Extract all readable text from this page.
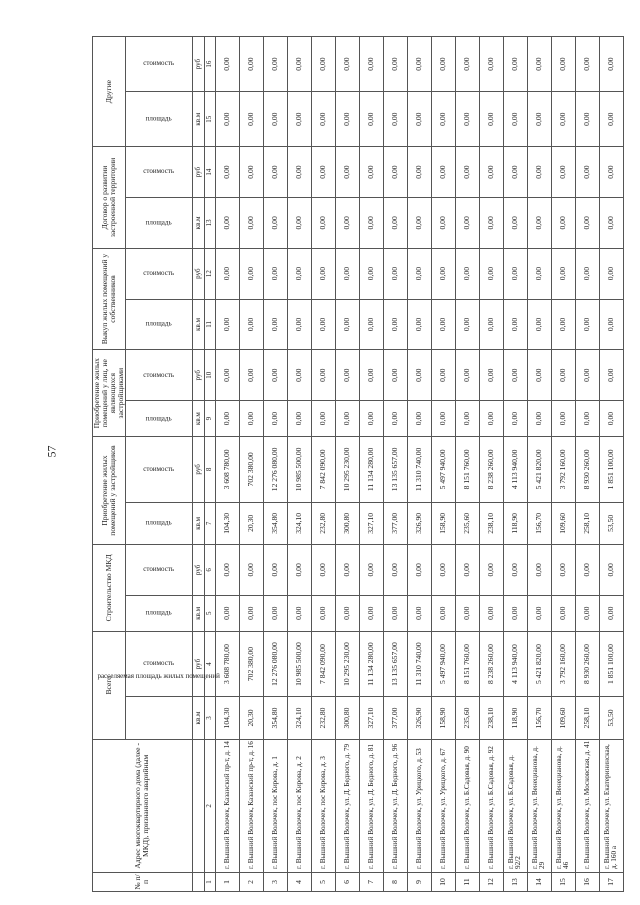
57
№ п/п	Адрес многоквартирного дома (далее - МКД), признанного аварийным	Всего		Строительство МКД		Приобретение жилых помещений у застройщиков		Приобретение жилых помещений у лиц, не являющихся застройщиками		Выкуп жилых помещений у собственников		Договор о развитии застроенной территории		Другие	
		расселяемая площадь жилых помещений	стоимость	площадь	стоимость	площадь	стоимость	площадь	стоимость	площадь	стоимость	площадь	стоимость	площадь	стоимость
		кв.м	руб	кв.м	руб	кв.м	руб	кв.м	руб	кв.м	руб	кв.м	руб	кв.м	руб
1	2	3	4	5	6	7	8	9	10	11	12	13	14	15	16
1	г. Вышний Волочек, Казанский пр-т, д. 14	104,30	3 608 780,00	0,00	0,00	104,30	3 608 780,00	0,00	0,00	0,00	0,00	0,00	0,00	0,00	0,00
2	г. Вышний Волочек, Казанский пр-т, д. 16	20,30	702 380,00	0,00	0,00	20,30	702 380,00	0,00	0,00	0,00	0,00	0,00	0,00	0,00	0,00
3	г. Вышний Волочек, пос Кирова, д. 1	354,80	12 276 080,00	0,00	0,00	354,80	12 276 080,00	0,00	0,00	0,00	0,00	0,00	0,00	0,00	0,00
4	г. Вышний Волочек, пос Кирова, д. 2	324,10	10 985 500,00	0,00	0,00	324,10	10 985 500,00	0,00	0,00	0,00	0,00	0,00	0,00	0,00	0,00
5	г. Вышний Волочек, пос Кирова, д. 3	232,80	7 842 090,00	0,00	0,00	232,80	7 842 090,00	0,00	0,00	0,00	0,00	0,00	0,00	0,00	0,00
6	г. Вышний Волочек, ул. Д. Бедного, д. 79	300,80	10 295 230,00	0,00	0,00	300,80	10 295 230,00	0,00	0,00	0,00	0,00	0,00	0,00	0,00	0,00
7	г. Вышний Волочек, ул. Д. Бедного, д. 81	327,10	11 134 280,00	0,00	0,00	327,10	11 134 280,00	0,00	0,00	0,00	0,00	0,00	0,00	0,00	0,00
8	г. Вышний Волочек, ул. Д. Бедного, д. 96	377,00	13 135 657,00	0,00	0,00	377,00	13 135 657,00	0,00	0,00	0,00	0,00	0,00	0,00	0,00	0,00
9	г. Вышний Волочек, ул. Урицкого, д. 53	326,90	11 310 740,00	0,00	0,00	326,90	11 310 740,00	0,00	0,00	0,00	0,00	0,00	0,00	0,00	0,00
10	г. Вышний Волочек, ул. Урицкого, д. 67	158,90	5 497 940,00	0,00	0,00	158,90	5 497 940,00	0,00	0,00	0,00	0,00	0,00	0,00	0,00	0,00
11	г. Вышний Волочек, ул. Б.Садовая, д. 90	235,60	8 151 760,00	0,00	0,00	235,60	8 151 760,00	0,00	0,00	0,00	0,00	0,00	0,00	0,00	0,00
12	г. Вышний Волочек, ул. Б.Садовая, д. 92	238,10	8 238 260,00	0,00	0,00	238,10	8 238 260,00	0,00	0,00	0,00	0,00	0,00	0,00	0,00	0,00
13	г. Вышний Волочек, ул. Б.Садовая, д. 92/2	118,90	4 113 940,00	0,00	0,00	118,90	4 113 940,00	0,00	0,00	0,00	0,00	0,00	0,00	0,00	0,00
14	г. Вышний Волочек, ул. Венецианова, д. 29	156,70	5 421 820,00	0,00	0,00	156,70	5 421 820,00	0,00	0,00	0,00	0,00	0,00	0,00	0,00	0,00
15	г. Вышний Волочек, ул. Венецианова, д. 46	109,60	3 792 160,00	0,00	0,00	109,60	3 792 160,00	0,00	0,00	0,00	0,00	0,00	0,00	0,00	0,00
16	г. Вышний Волочек, ул. Московская, д. 41	258,10	8 930 260,00	0,00	0,00	258,10	8 930 260,00	0,00	0,00	0,00	0,00	0,00	0,00	0,00	0,00
17	г. Вышний Волочек, ул. Екатерининская, д. 160 а	53,50	1 851 100,00	0,00	0,00	53,50	1 851 100,00	0,00	0,00	0,00	0,00	0,00	0,00	0,00	0,00
